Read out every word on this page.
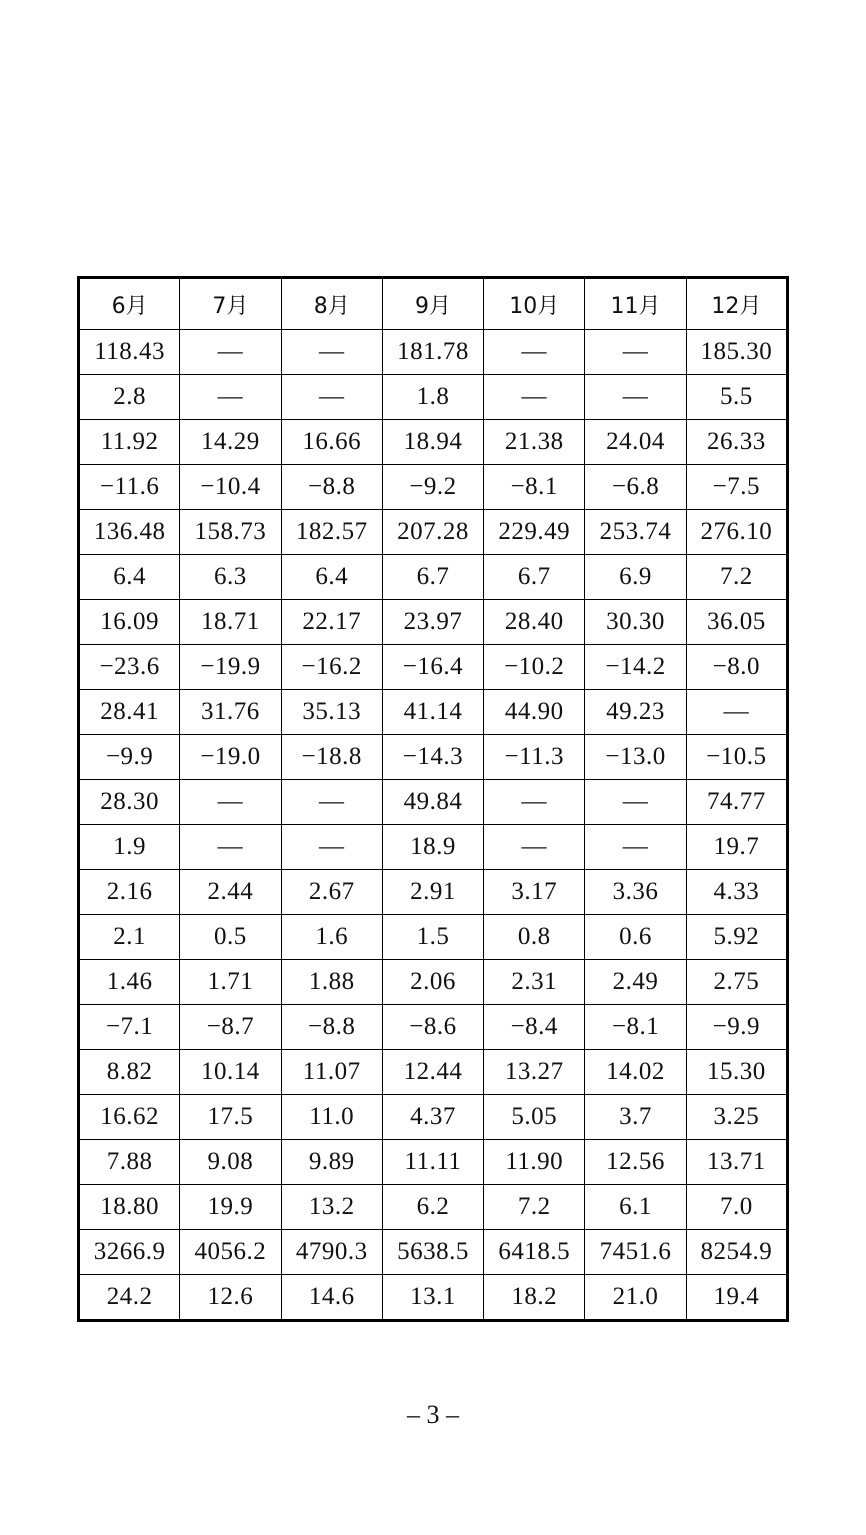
6月	7月	8月	9月	10月	11月	12月
118.43	—	—	181.78	—	—	185.30
2.8	—	—	1.8	—	—	5.5
11.92	14.29	16.66	18.94	21.38	24.04	26.33
−11.6	−10.4	−8.8	−9.2	−8.1	−6.8	−7.5
136.48	158.73	182.57	207.28	229.49	253.74	276.10
6.4	6.3	6.4	6.7	6.7	6.9	7.2
16.09	18.71	22.17	23.97	28.40	30.30	36.05
−23.6	−19.9	−16.2	−16.4	−10.2	−14.2	−8.0
28.41	31.76	35.13	41.14	44.90	49.23	—
−9.9	−19.0	−18.8	−14.3	−11.3	−13.0	−10.5
28.30	—	—	49.84	—	—	74.77
1.9	—	—	18.9	—	—	19.7
2.16	2.44	2.67	2.91	3.17	3.36	4.33
2.1	0.5	1.6	1.5	0.8	0.6	5.92
1.46	1.71	1.88	2.06	2.31	2.49	2.75
−7.1	−8.7	−8.8	−8.6	−8.4	−8.1	−9.9
8.82	10.14	11.07	12.44	13.27	14.02	15.30
16.62	17.5	11.0	4.37	5.05	3.7	3.25
7.88	9.08	9.89	11.11	11.90	12.56	13.71
18.80	19.9	13.2	6.2	7.2	6.1	7.0
3266.9	4056.2	4790.3	5638.5	6418.5	7451.6	8254.9
24.2	12.6	14.6	13.1	18.2	21.0	19.4
– 3 –
